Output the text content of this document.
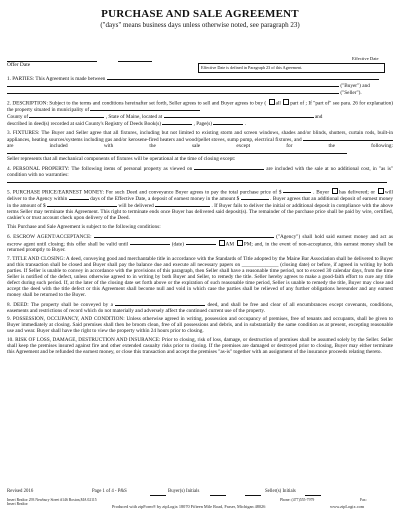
PURCHASE AND SALE AGREEMENT
("days" means business days unless otherwise noted, see paragraph 23)
Offer Date
Effective Date
Effective Date is defined in Paragraph 23 of this Agreement.

1. PARTIES: This Agreement is made between
("Buyer") and
("Seller").

2. DESCRIPTION: Subject to the terms and conditions hereinafter set forth, Seller agrees to sell and Buyer agrees to buy ( all part of ; If "part of" see para. 26 for explanation) the property situated in municipality of
County of	, State of Maine, located at	and
described in deed(s) recorded at said County's Registry of Deeds Book(s)	, Page(s)	.

3. FIXTURES: The Buyer and Seller agree that all fixtures, including but not limited to existing storm and screen windows, shades and/or blinds, shutters, curtain rods, built-in appliances, heating sources/systems including gas and/or kerosene-fired heaters and wood/pellet stoves, sump pump, electrical fixtures, and  are included with the sale except for the following:
Seller represents that all mechanical components of fixtures will be operational at the time of closing except:

4. PERSONAL PROPERTY: The following items of personal property as viewed on	are included with the sale at no additional cost, in "as is" condition with no warranties:

5. PURCHASE PRICE/EARNEST MONEY: For such Deed and conveyance Buyer agrees to pay the total purchase price of $	. Buyer has delivered; or will deliver to the Agency within	days of the Effective Date, a deposit of earnest money in the amount $	. Buyer agrees that an additional deposit of earnest money in the amount of $	will be delivered	. If Buyer fails to deliver the initial or additional deposit in compliance with the above terms Seller may terminate this Agreement. This right to terminate ends once Buyer has delivered said deposit(s). The remainder of the purchase price shall be paid by wire, certified, cashier's or trust account check upon delivery of the Deed.

This Purchase and Sale Agreement is subject to the following conditions:

6. ESCROW AGENT/ACCEPTANCE:	("Agency") shall hold said earnest money and act as escrow agent until closing; this offer shall be valid until	(date)	AM PM; and, in the event of non-acceptance, this earnest money shall be returned promptly to Buyer.

7. TITLE AND CLOSING: A deed, conveying good and merchantable title in accordance with the Standards of Title adopted by the Maine Bar Association shall be delivered to Buyer and this transaction shall be closed and Buyer shall pay the balance due and execute all necessary papers on ______________ (closing date) or before, if agreed in writing by both parties. If Seller is unable to convey in accordance with the provisions of this paragraph, then Seller shall have a reasonable time period, not to exceed 30 calendar days, from the time Seller is notified of the defect, unless otherwise agreed to in writing by both Buyer and Seller, to remedy the title. Seller hereby agrees to make a good-faith effort to cure any title defect during such period. If, at the later of the closing date set forth above or the expiration of such reasonable time period, Seller is unable to remedy the title, Buyer may close and accept the deed with the title defect or this Agreement shall become null and void in which case the parties shall be relieved of any further obligations hereunder and any earnest money shall be returned to the Buyer.

8. DEED: The property shall be conveyed by a	deed, and shall be free and clear of all encumbrances except covenants, conditions, easements and restrictions of record which do not materially and adversely affect the continued current use of the property.

9. POSSESSION, OCCUPANCY, AND CONDITION: Unless otherwise agreed in writing, possession and occupancy of premises, free of tenants and occupants, shall be given to Buyer immediately at closing. Said premises shall then be broom clean, free of all possessions and debris, and in substantially the same condition as at present, excepting reasonable use and wear. Buyer shall have the right to view the property within 24 hours prior to closing.

10. RISK OF LOSS, DAMAGE, DESTRUCTION AND INSURANCE: Prior to closing, risk of loss, damage, or destruction of premises shall be assumed solely by the Seller. Seller shall keep the premises insured against fire and other extended casualty risks prior to closing. If the premises are damaged or destroyed prior to closing, Buyer may either terminate this Agreement and be refunded the earnest money, or close this transaction and accept the premises "as-is" together with an assignment of the insurance proceeds relating thereto.

Revised 2016	Page 1 of 4 - P&S	Buyer(s) Initials	Seller(s) Initials
Insert Realtor 293 Newbury Street #146 Boston,MA 02115
Insert Realtor
Phone: (477)555-7979	Fax:
Produced with zipForm® by zipLogix 18070 Fifteen Mile Road, Fraser, Michigan 48026	www.zipLogix.com
